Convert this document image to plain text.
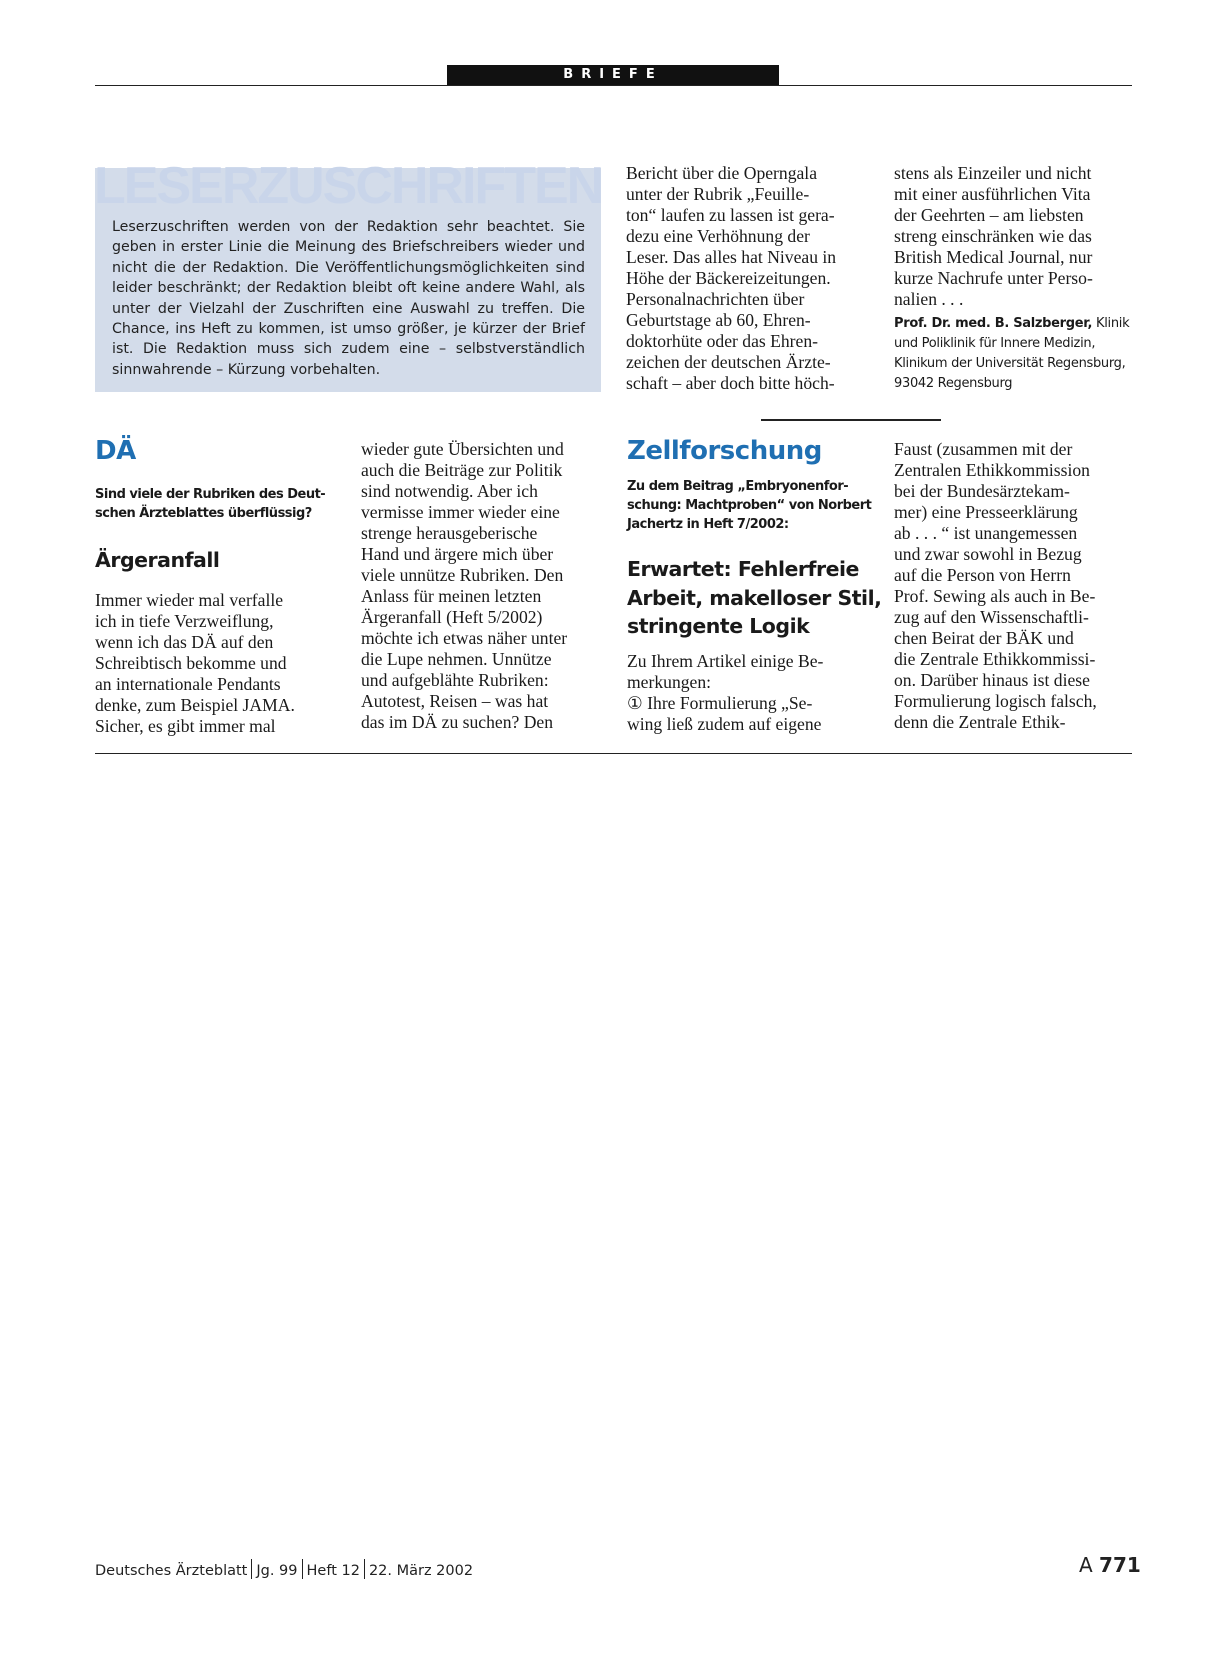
BRIEFE
LESERZUSCHRIFTEN
Leserzuschriften werden von der Redaktion sehr beachtet. Sie geben in erster Linie die Meinung des Briefschreibers wieder und nicht die der Redaktion. Die Veröffentlichungsmöglichkeiten sind leider beschränkt; der Redaktion bleibt oft keine andere Wahl, als unter der Vielzahl der Zuschriften eine Auswahl zu treffen. Die Chance, ins Heft zu kommen, ist umso größer, je kürzer der Brief ist. Die Redaktion muss sich zudem eine – selbstverständlich sinnwahrende – Kürzung vorbehalten.
Bericht über die Operngala
unter der Rubrik „Feuille-
ton“ laufen zu lassen ist gera-
dezu eine Verhöhnung der
Leser. Das alles hat Niveau in
Höhe der Bäckereizeitungen.
Personalnachrichten über
Geburtstage ab 60, Ehren-
doktorhüte oder das Ehren-
zeichen der deutschen Ärzte-
schaft – aber doch bitte höch-
stens als Einzeiler und nicht
mit einer ausführlichen Vita
der Geehrten – am liebsten
streng einschränken wie das
British Medical Journal, nur
kurze Nachrufe unter Perso-
nalien . . .
Prof. Dr. med. B. Salzberger, Klinik
und Poliklinik für Innere Medizin,
Klinikum der Universität Regensburg,
93042 Regensburg
DÄ
Sind viele der Rubriken des Deut-
schen Ärzteblattes überflüssig?
Ärgeranfall
Immer wieder mal verfalle
ich in tiefe Verzweiflung,
wenn ich das DÄ auf den
Schreibtisch bekomme und
an internationale Pendants
denke, zum Beispiel JAMA.
Sicher, es gibt immer mal
wieder gute Übersichten und
auch die Beiträge zur Politik
sind notwendig. Aber ich
vermisse immer wieder eine
strenge herausgeberische
Hand und ärgere mich über
viele unnütze Rubriken. Den
Anlass für meinen letzten
Ärgeranfall (Heft 5/2002)
möchte ich etwas näher unter
die Lupe nehmen. Unnütze
und aufgeblähte Rubriken:
Autotest, Reisen – was hat
das im DÄ zu suchen? Den
Zellforschung
Zu dem Beitrag „Embryonenfor-
schung: Machtproben“ von Norbert
Jachertz in Heft 7/2002:
Erwartet: Fehlerfreie
Arbeit, makelloser Stil,
stringente Logik
Zu Ihrem Artikel einige Be-
merkungen:
① Ihre Formulierung „Se-
wing ließ zudem auf eigene
Faust (zusammen mit der
Zentralen Ethikkommission
bei der Bundesärztekam-
mer) eine Presseerklärung
ab . . . “ ist unangemessen
und zwar sowohl in Bezug
auf die Person von Herrn
Prof. Sewing als auch in Be-
zug auf den Wissenschaftli-
chen Beirat der BÄK und
die Zentrale Ethikkommissi-
on. Darüber hinaus ist diese
Formulierung logisch falsch,
denn die Zentrale Ethik-
Deutsches Ärzteblatt Jg. 99 Heft 12 22. März 2002	A 771
